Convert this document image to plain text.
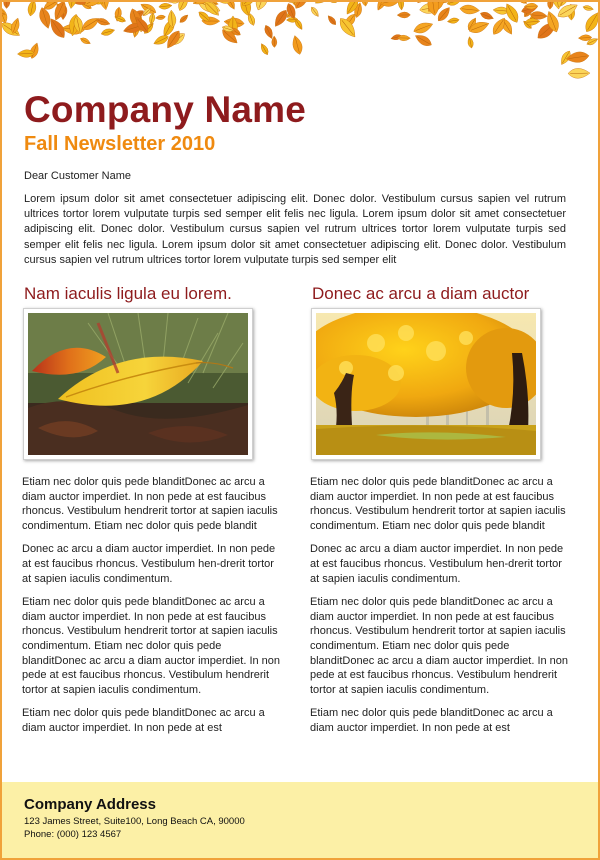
Company Name
Fall Newsletter 2010
Dear Customer Name
Lorem ipsum dolor sit amet consectetuer adipiscing elit. Donec dolor. Vestibulum cursus sapien vel rutrum ultrices tortor lorem vulputate turpis sed semper elit felis nec ligula. Lorem ipsum dolor sit amet consectetuer adipiscing elit. Donec dolor. Vestibulum cursus sapien vel rutrum ultrices tortor lorem vulputate turpis sed semper elit felis nec ligula. Lorem ipsum dolor sit amet consectetuer adipiscing elit. Donec dolor. Vestibulum cursus sapien vel rutrum ultrices tortor lorem vulputate turpis sed semper elit
Nam iaculis ligula eu lorem.

Etiam nec dolor quis pede blanditDonec ac arcu a diam auctor imperdiet. In non pede at est faucibus rhoncus. Vestibulum hendrerit tortor at sapien iaculis condimentum. Etiam nec dolor quis pede blandit

Donec ac arcu a diam auctor imperdiet. In non pede at est faucibus rhoncus. Vestibulum hen-drerit tortor at sapien iaculis condimentum.

Etiam nec dolor quis pede blanditDonec ac arcu a diam auctor imperdiet. In non pede at est faucibus rhoncus. Vestibulum hendrerit tortor at sapien iaculis condimentum. Etiam nec dolor quis pede blanditDonec ac arcu a diam auctor imperdiet. In non pede at est faucibus rhoncus. Vestibulum hendrerit tortor at sapien iaculis condimentum.

Etiam nec dolor quis pede blanditDonec ac arcu a diam auctor imperdiet. In non pede at est

Donec ac arcu a diam auctor

Etiam nec dolor quis pede blanditDonec ac arcu a diam auctor imperdiet. In non pede at est faucibus rhoncus. Vestibulum hendrerit tortor at sapien iaculis condimentum. Etiam nec dolor quis pede blandit

Donec ac arcu a diam auctor imperdiet. In non pede at est faucibus rhoncus. Vestibulum hen-drerit tortor at sapien iaculis condimentum.

Etiam nec dolor quis pede blanditDonec ac arcu a diam auctor imperdiet. In non pede at est faucibus rhoncus. Vestibulum hendrerit tortor at sapien iaculis condimentum. Etiam nec dolor quis pede blanditDonec ac arcu a diam auctor imperdiet. In non pede at est faucibus rhoncus. Vestibulum hendrerit tortor at sapien iaculis condimentum.

Etiam nec dolor quis pede blanditDonec ac arcu a diam auctor imperdiet. In non pede at est

Company Address
123 James Street, Suite100, Long Beach CA, 90000
Phone: (000) 123 4567
